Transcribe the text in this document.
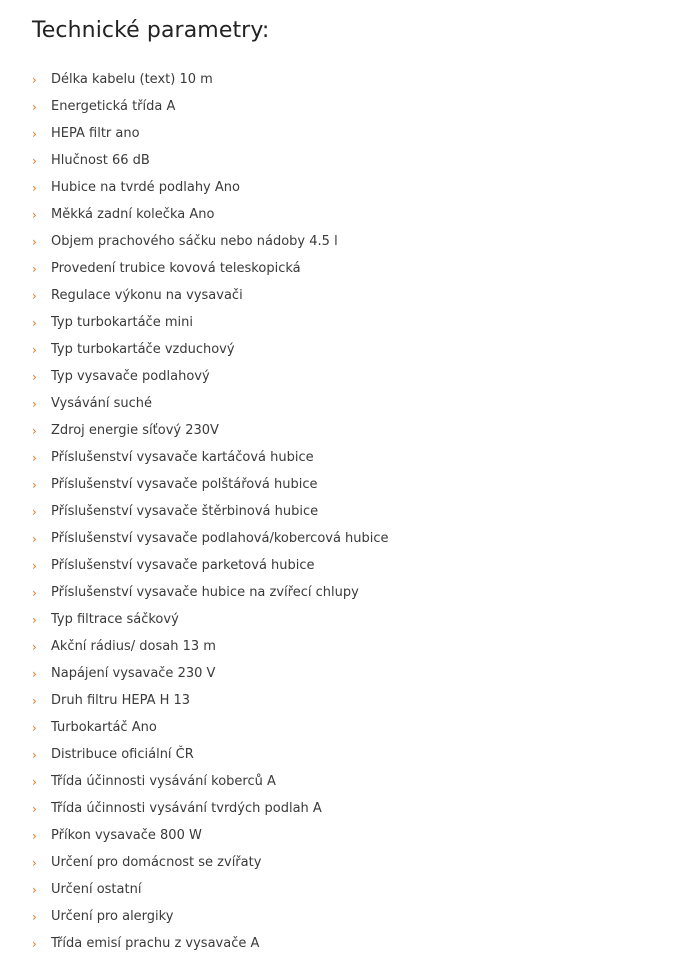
Technické parametry:
›	Délka kabelu (text) 10 m
›	Energetická třída A
›	HEPA filtr ano
›	Hlučnost 66 dB
›	Hubice na tvrdé podlahy Ano
›	Měkká zadní kolečka Ano
›	Objem prachového sáčku nebo nádoby 4.5 l
›	Provedení trubice kovová teleskopická
›	Regulace výkonu na vysavači
›	Typ turbokartáče mini
›	Typ turbokartáče vzduchový
›	Typ vysavače podlahový
›	Vysávání suché
›	Zdroj energie síťový 230V
›	Příslušenství vysavače kartáčová hubice
›	Příslušenství vysavače polštářová hubice
›	Příslušenství vysavače štěrbinová hubice
›	Příslušenství vysavače podlahová/kobercová hubice
›	Příslušenství vysavače parketová hubice
›	Příslušenství vysavače hubice na zvířecí chlupy
›	Typ filtrace sáčkový
›	Akční rádius/ dosah 13 m
›	Napájení vysavače 230 V
›	Druh filtru HEPA H 13
›	Turbokartáč Ano
›	Distribuce oficiální ČR
›	Třída účinnosti vysávání koberců A
›	Třída účinnosti vysávání tvrdých podlah A
›	Příkon vysavače 800 W
›	Určení pro domácnost se zvířaty
›	Určení ostatní
›	Určení pro alergiky
›	Třída emisí prachu z vysavače A
